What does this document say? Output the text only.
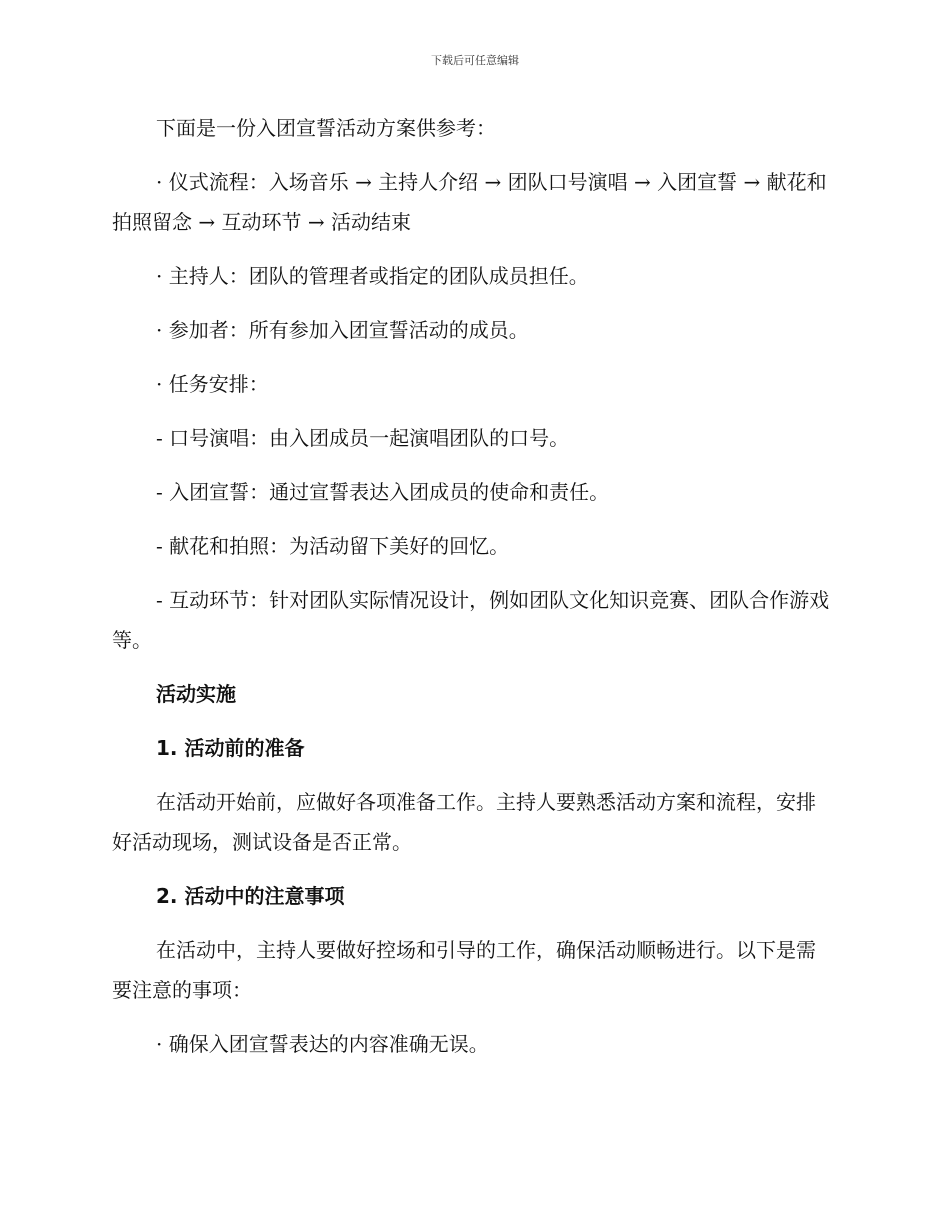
下载后可任意编辑

下面是一份入团宣誓活动方案供参考：

· 仪式流程：入场音乐 → 主持人介绍 → 团队口号演唱 → 入团宣誓 → 献花和拍照留念 → 互动环节 → 活动结束

· 主持人：团队的管理者或指定的团队成员担任。

· 参加者：所有参加入团宣誓活动的成员。

· 任务安排：

- 口号演唱：由入团成员一起演唱团队的口号。

- 入团宣誓：通过宣誓表达入团成员的使命和责任。

- 献花和拍照：为活动留下美好的回忆。

- 互动环节：针对团队实际情况设计，例如团队文化知识竞赛、团队合作游戏等。

活动实施

1. 活动前的准备

在活动开始前，应做好各项准备工作。主持人要熟悉活动方案和流程，安排好活动现场，测试设备是否正常。

2. 活动中的注意事项

在活动中，主持人要做好控场和引导的工作，确保活动顺畅进行。以下是需要注意的事项：

· 确保入团宣誓表达的内容准确无误。
